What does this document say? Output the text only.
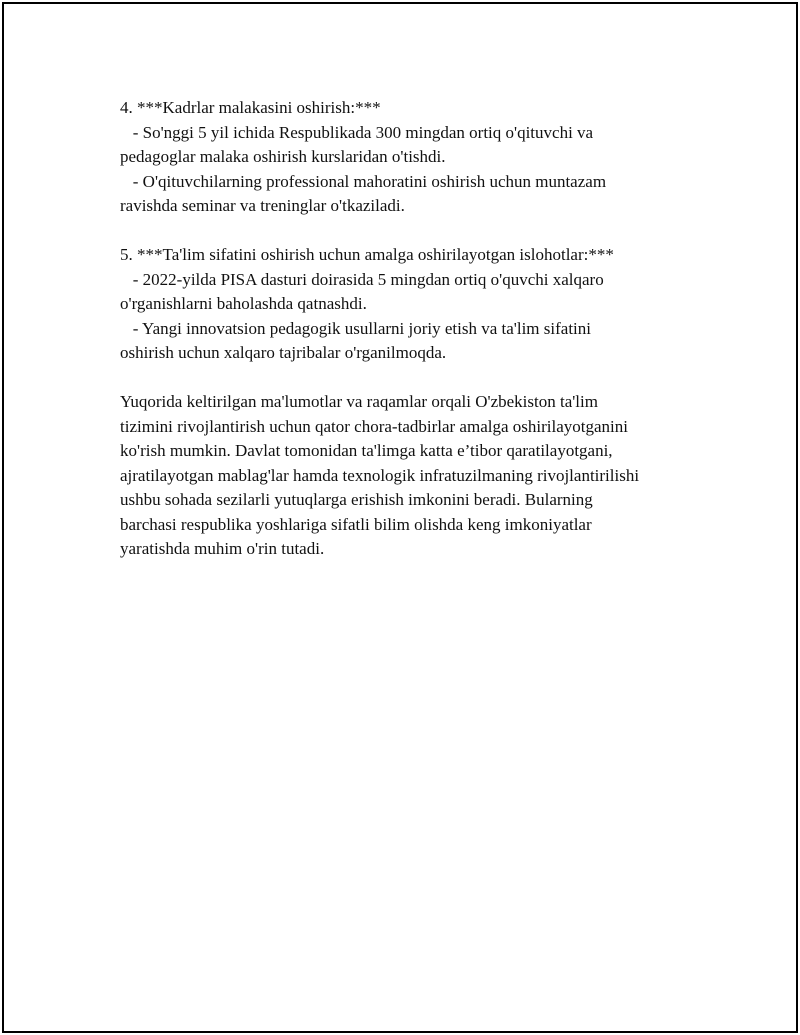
4. ***Kadrlar malakasini oshirish:***
- So'nggi 5 yil ichida Respublikada 300 mingdan ortiq o'qituvchi va
pedagoglar malaka oshirish kurslaridan o'tishdi.
- O'qituvchilarning professional mahoratini oshirish uchun muntazam
ravishda seminar va treninglar o'tkaziladi.
5. ***Ta'lim sifatini oshirish uchun amalga oshirilayotgan islohotlar:***
- 2022-yilda PISA dasturi doirasida 5 mingdan ortiq o'quvchi xalqaro
o'rganishlarni baholashda qatnashdi.
- Yangi innovatsion pedagogik usullarni joriy etish va ta'lim sifatini
oshirish uchun xalqaro tajribalar o'rganilmoqda.
Yuqorida keltirilgan ma'lumotlar va raqamlar orqali O'zbekiston ta'lim
tizimini rivojlantirish uchun qator chora-tadbirlar amalga oshirilayotganini
ko'rish mumkin. Davlat tomonidan ta'limga katta e’tibor qaratilayotgani,
ajratilayotgan mablag'lar hamda texnologik infratuzilmaning rivojlantirilishi
ushbu sohada sezilarli yutuqlarga erishish imkonini beradi. Bularning
barchasi respublika yoshlariga sifatli bilim olishda keng imkoniyatlar
yaratishda muhim o'rin tutadi.
